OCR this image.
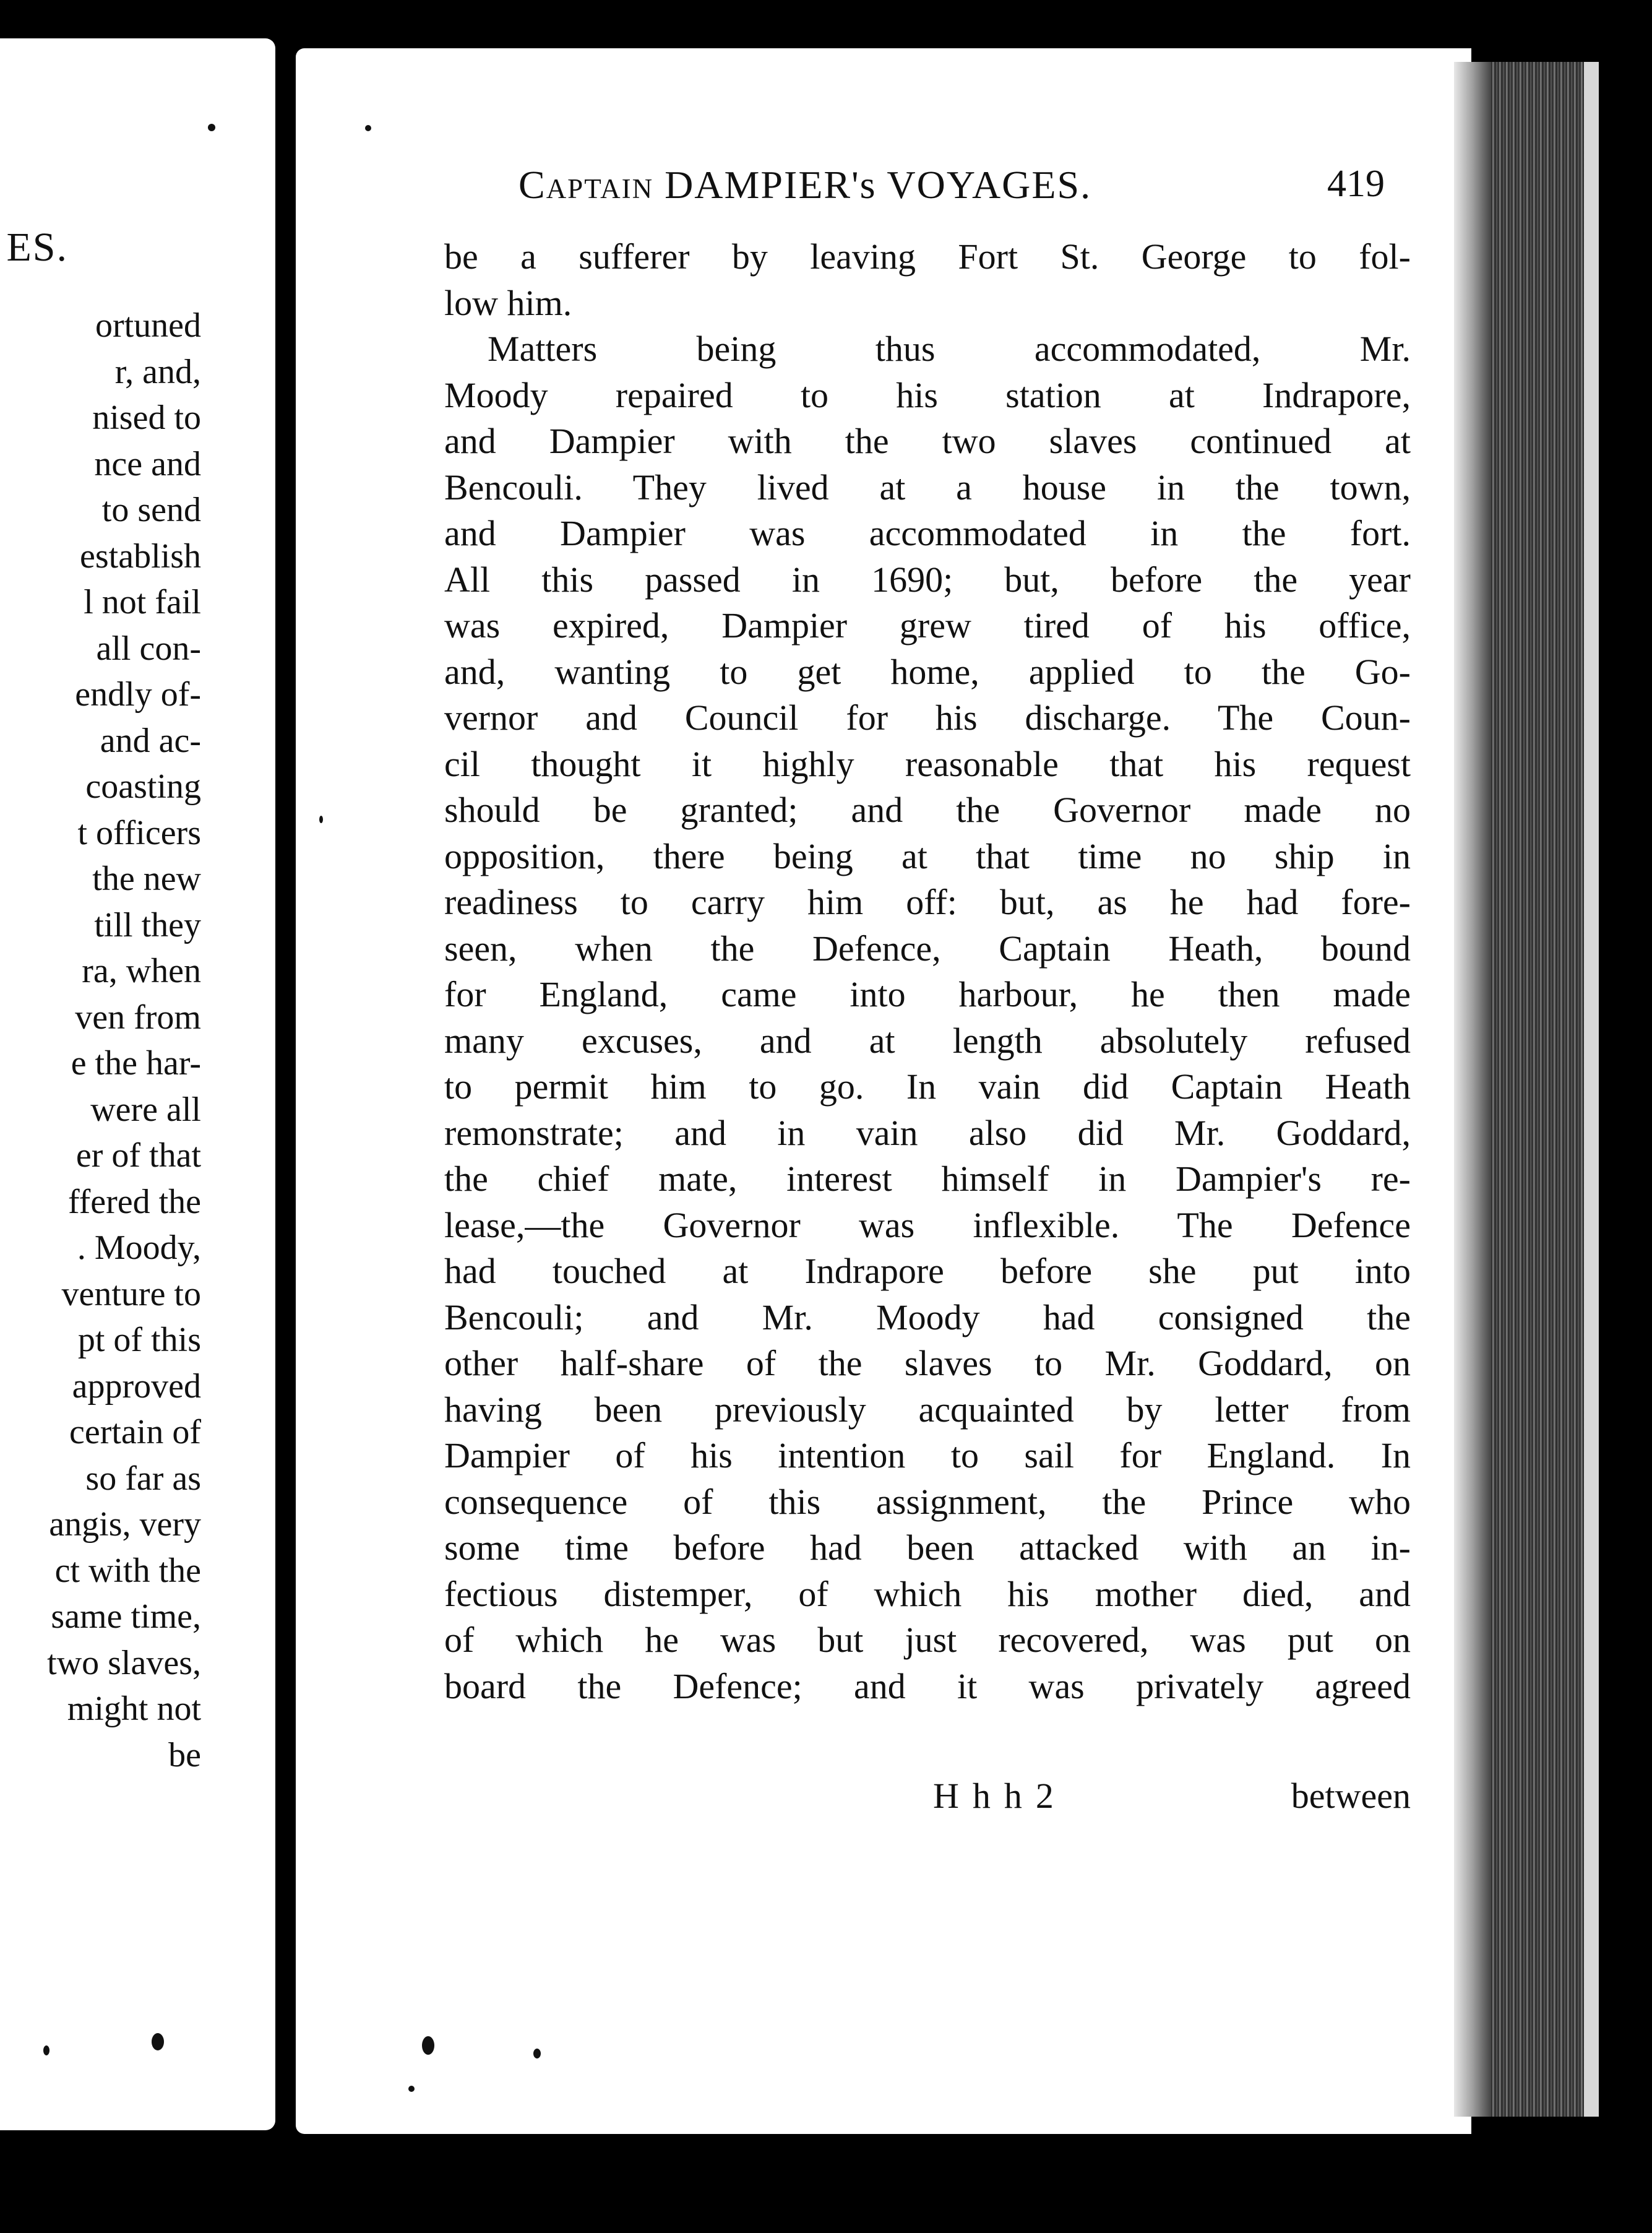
ES.
ortuned
r, and,
nised to
nce and
to send
establish
l not fail
all con-
endly of-
and ac-
coasting
t officers
the new
till they
ra, when
ven from
e the har-
were all
er of that
ffered the
. Moody,
venture to
pt of this
approved
certain of
so far as
angis, very
ct with the
same time,
two slaves,
might not
be
Captain DAMPIER's VOYAGES.	419
be a sufferer by leaving Fort St. George to fol-
low him.
Matters being thus accommodated, Mr.
Moody repaired to his station at Indrapore,
and Dampier with the two slaves continued at
Bencouli. They lived at a house in the town,
and Dampier was accommodated in the fort.
All this passed in 1690; but, before the year
was expired, Dampier grew tired of his office,
and, wanting to get home, applied to the Go-
vernor and Council for his discharge. The Coun-
cil thought it highly reasonable that his request
should be granted; and the Governor made no
opposition, there being at that time no ship in
readiness to carry him off: but, as he had fore-
seen, when the Defence, Captain Heath, bound
for England, came into harbour, he then made
many excuses, and at length absolutely refused
to permit him to go. In vain did Captain Heath
remonstrate; and in vain also did Mr. Goddard,
the chief mate, interest himself in Dampier's re-
lease,—the Governor was inflexible. The Defence
had touched at Indrapore before she put into
Bencouli; and Mr. Moody had consigned the
other half-share of the slaves to Mr. Goddard, on
having been previously acquainted by letter from
Dampier of his intention to sail for England. In
consequence of this assignment, the Prince who
some time before had been attacked with an in-
fectious distemper, of which his mother died, and
of which he was but just recovered, was put on
board the Defence; and it was privately agreed
Hhh2	between
